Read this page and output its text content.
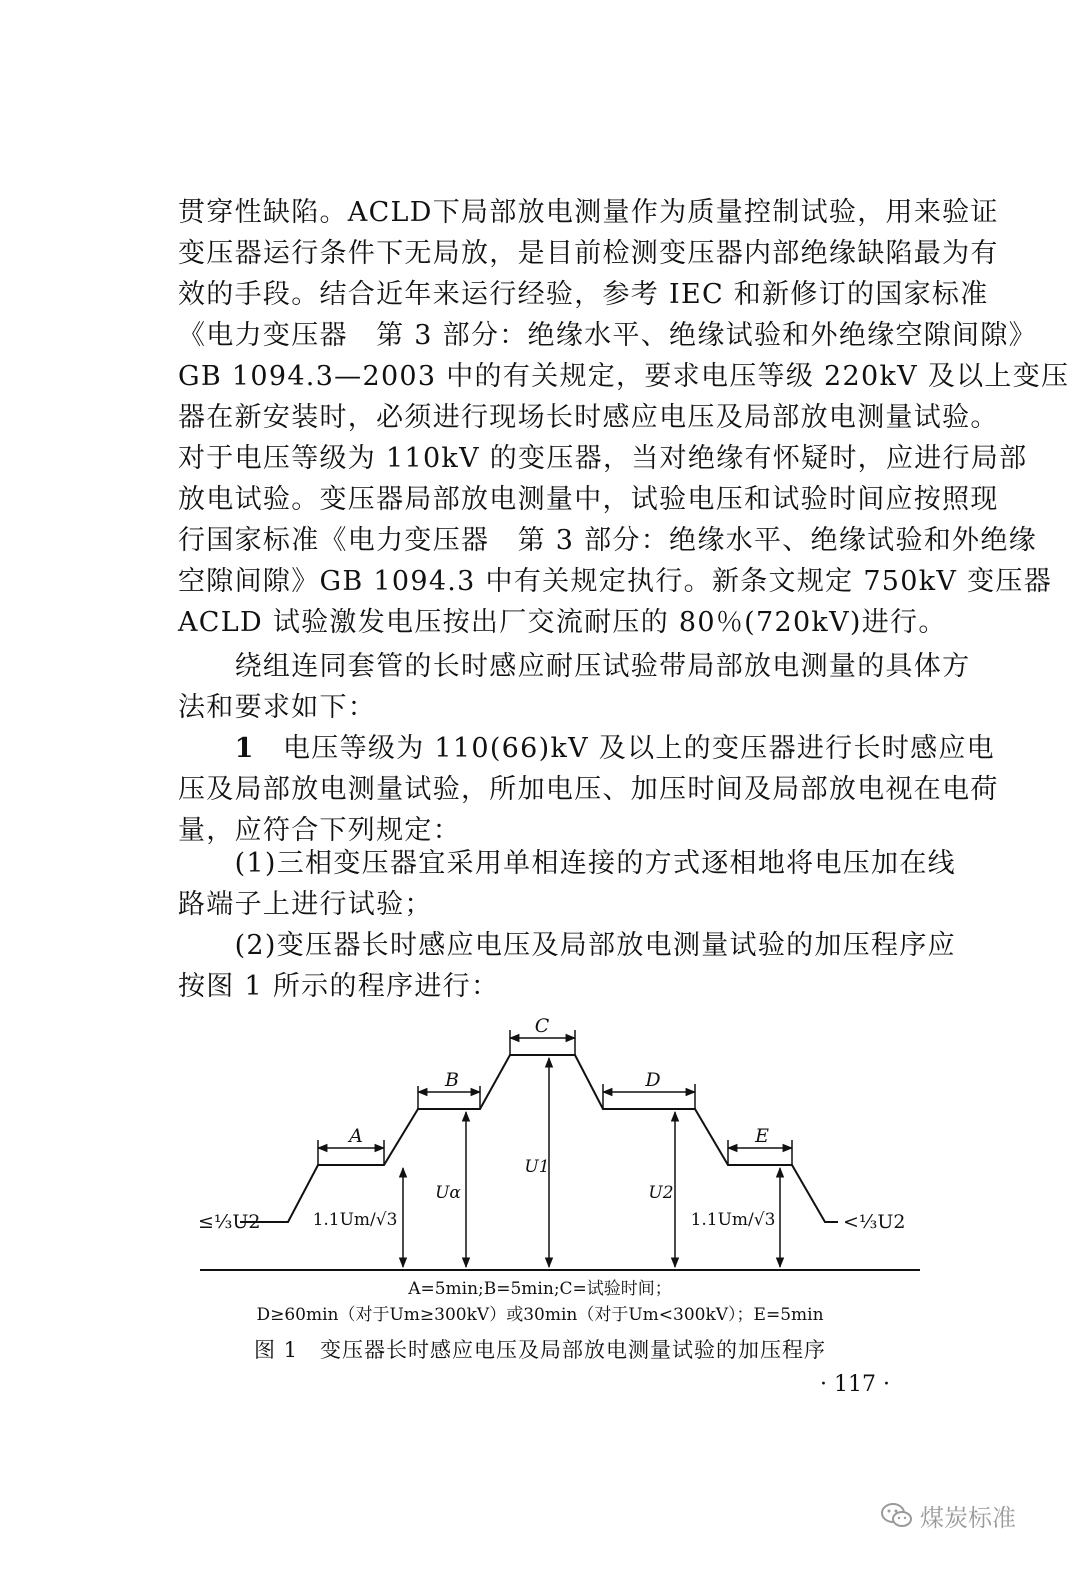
贯穿性缺陷。ACLD下局部放电测量作为质量控制试验，用来验证
变压器运行条件下无局放，是目前检测变压器内部绝缘缺陷最为有
效的手段。结合近年来运行经验，参考 IEC 和新修订的国家标准
《电力变压器　第 3 部分：绝缘水平、绝缘试验和外绝缘空隙间隙》
GB 1094.3—2003 中的有关规定，要求电压等级 220kV 及以上变压
器在新安装时，必须进行现场长时感应电压及局部放电测量试验。
对于电压等级为 110kV 的变压器，当对绝缘有怀疑时，应进行局部
放电试验。变压器局部放电测量中，试验电压和试验时间应按照现
行国家标准《电力变压器　第 3 部分：绝缘水平、绝缘试验和外绝缘
空隙间隙》GB 1094.3 中有关规定执行。新条文规定 750kV 变压器
ACLD 试验激发电压按出厂交流耐压的 80％(720kV)进行。
　　绕组连同套管的长时感应耐压试验带局部放电测量的具体方
法和要求如下：
　　1　电压等级为 110(66)kV 及以上的变压器进行长时感应电
压及局部放电测量试验，所加电压、加压时间及局部放电视在电荷
量，应符合下列规定：
　　(1)三相变压器宜采用单相连接的方式逐相地将电压加在线
路端子上进行试验；
　　(2)变压器长时感应电压及局部放电测量试验的加压程序应
按图 1 所示的程序进行：
A
B
C
D
E
1.1Um/√3
Uα
U1
U2
1.1Um/√3
≤⅓U2	<⅓U2
A=5min;B=5min;C=试验时间；
D≥60min（对于Um≥300kV）或30min（对于Um<300kV）；E=5min
图 1　变压器长时感应电压及局部放电测量试验的加压程序
· 117 ·
煤炭标准
